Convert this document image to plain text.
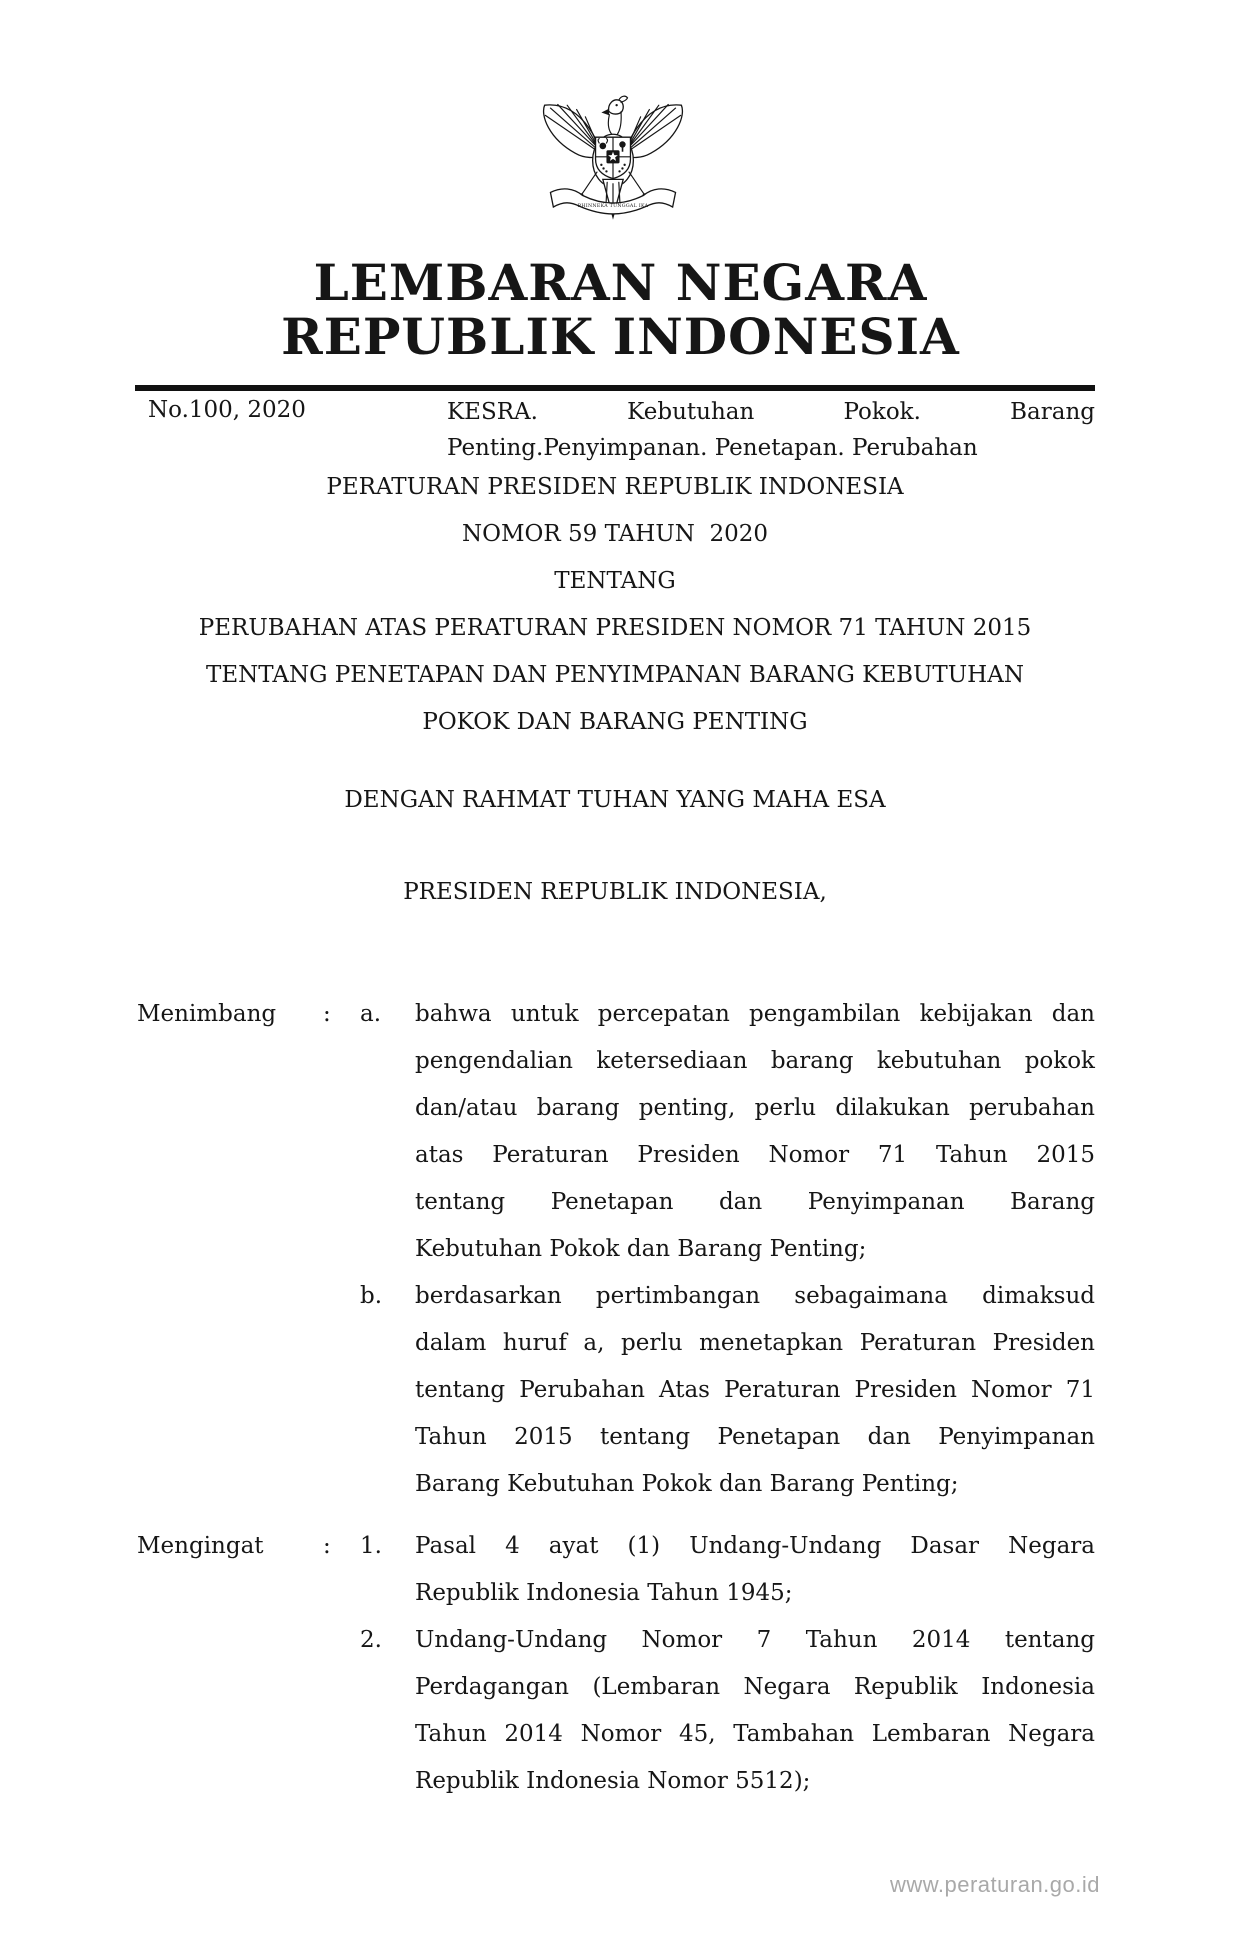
BHINNEKA TUNGGAL IKA
LEMBARAN NEGARA
REPUBLIK INDONESIA
No.100, 2020	KESRA. Kebutuhan Pokok. Barang
Penting.Penyimpanan. Penetapan. Perubahan
PERATURAN PRESIDEN REPUBLIK INDONESIA
NOMOR 59 TAHUN  2020
TENTANG
PERUBAHAN ATAS PERATURAN PRESIDEN NOMOR 71 TAHUN 2015
TENTANG PENETAPAN DAN PENYIMPANAN BARANG KEBUTUHAN
POKOK DAN BARANG PENTING
DENGAN RAHMAT TUHAN YANG MAHA ESA
PRESIDEN REPUBLIK INDONESIA,
Menimbang : a. bahwa untuk percepatan pengambilan kebijakan dan
pengendalian ketersediaan barang kebutuhan pokok
dan/atau barang penting, perlu dilakukan perubahan
atas Peraturan Presiden Nomor 71 Tahun 2015
tentang Penetapan dan Penyimpanan Barang
Kebutuhan Pokok dan Barang Penting;
b. berdasarkan pertimbangan sebagaimana dimaksud
dalam huruf a, perlu menetapkan Peraturan Presiden
tentang Perubahan Atas Peraturan Presiden Nomor 71
Tahun 2015 tentang Penetapan dan Penyimpanan
Barang Kebutuhan Pokok dan Barang Penting;
Mengingat	: 1. Pasal 4 ayat (1) Undang-Undang Dasar Negara
Republik Indonesia Tahun 1945;
2. Undang-Undang Nomor 7 Tahun 2014 tentang
Perdagangan (Lembaran Negara Republik Indonesia
Tahun 2014 Nomor 45, Tambahan Lembaran Negara
Republik Indonesia Nomor 5512);
www.peraturan.go.id
